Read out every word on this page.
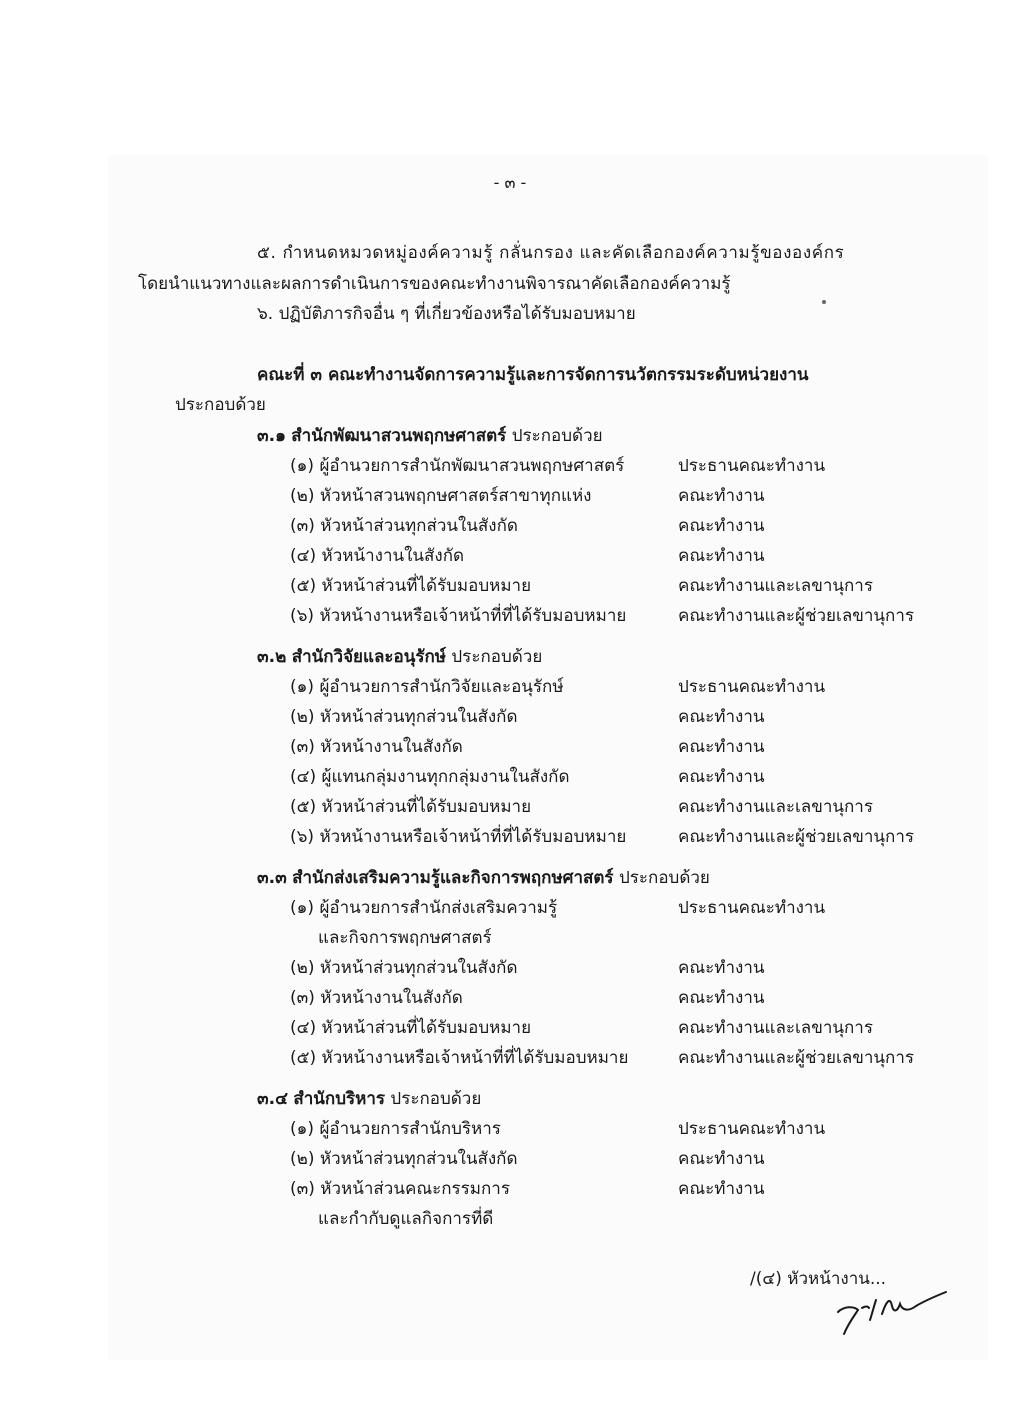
- ๓ -
๕. กำหนดหมวดหมู่องค์ความรู้ กลั่นกรอง และคัดเลือกองค์ความรู้ขององค์กร
โดยนำแนวทางและผลการดำเนินการของคณะทำงานพิจารณาคัดเลือกองค์ความรู้
๖. ปฏิบัติภารกิจอื่น ๆ ที่เกี่ยวข้องหรือได้รับมอบหมาย
คณะที่ ๓ คณะทำงานจัดการความรู้และการจัดการนวัตกรรมระดับหน่วยงาน
ประกอบด้วย
๓.๑ สำนักพัฒนาสวนพฤกษศาสตร์ ประกอบด้วย
(๑) ผู้อำนวยการสำนักพัฒนาสวนพฤกษศาสตร์	ประธานคณะทำงาน
(๒) หัวหน้าสวนพฤกษศาสตร์สาขาทุกแห่ง	คณะทำงาน
(๓) หัวหน้าส่วนทุกส่วนในสังกัด	คณะทำงาน
(๔) หัวหน้างานในสังกัด	คณะทำงาน
(๕) หัวหน้าส่วนที่ได้รับมอบหมาย	คณะทำงานและเลขานุการ
(๖) หัวหน้างานหรือเจ้าหน้าที่ที่ได้รับมอบหมาย	คณะทำงานและผู้ช่วยเลขานุการ
๓.๒ สำนักวิจัยและอนุรักษ์ ประกอบด้วย
(๑) ผู้อำนวยการสำนักวิจัยและอนุรักษ์	ประธานคณะทำงาน
(๒) หัวหน้าส่วนทุกส่วนในสังกัด	คณะทำงาน
(๓) หัวหน้างานในสังกัด	คณะทำงาน
(๔) ผู้แทนกลุ่มงานทุกกลุ่มงานในสังกัด	คณะทำงาน
(๕) หัวหน้าส่วนที่ได้รับมอบหมาย	คณะทำงานและเลขานุการ
(๖) หัวหน้างานหรือเจ้าหน้าที่ที่ได้รับมอบหมาย	คณะทำงานและผู้ช่วยเลขานุการ
๓.๓ สำนักส่งเสริมความรู้และกิจการพฤกษศาสตร์ ประกอบด้วย
(๑) ผู้อำนวยการสำนักส่งเสริมความรู้	ประธานคณะทำงาน
และกิจการพฤกษศาสตร์
(๒) หัวหน้าส่วนทุกส่วนในสังกัด	คณะทำงาน
(๓) หัวหน้างานในสังกัด	คณะทำงาน
(๔) หัวหน้าส่วนที่ได้รับมอบหมาย	คณะทำงานและเลขานุการ
(๕) หัวหน้างานหรือเจ้าหน้าที่ที่ได้รับมอบหมาย	คณะทำงานและผู้ช่วยเลขานุการ
๓.๔ สำนักบริหาร ประกอบด้วย
(๑) ผู้อำนวยการสำนักบริหาร	ประธานคณะทำงาน
(๒) หัวหน้าส่วนทุกส่วนในสังกัด	คณะทำงาน
(๓) หัวหน้าส่วนคณะกรรมการ	คณะทำงาน
และกำกับดูแลกิจการที่ดี
/(๔) หัวหน้างาน...
